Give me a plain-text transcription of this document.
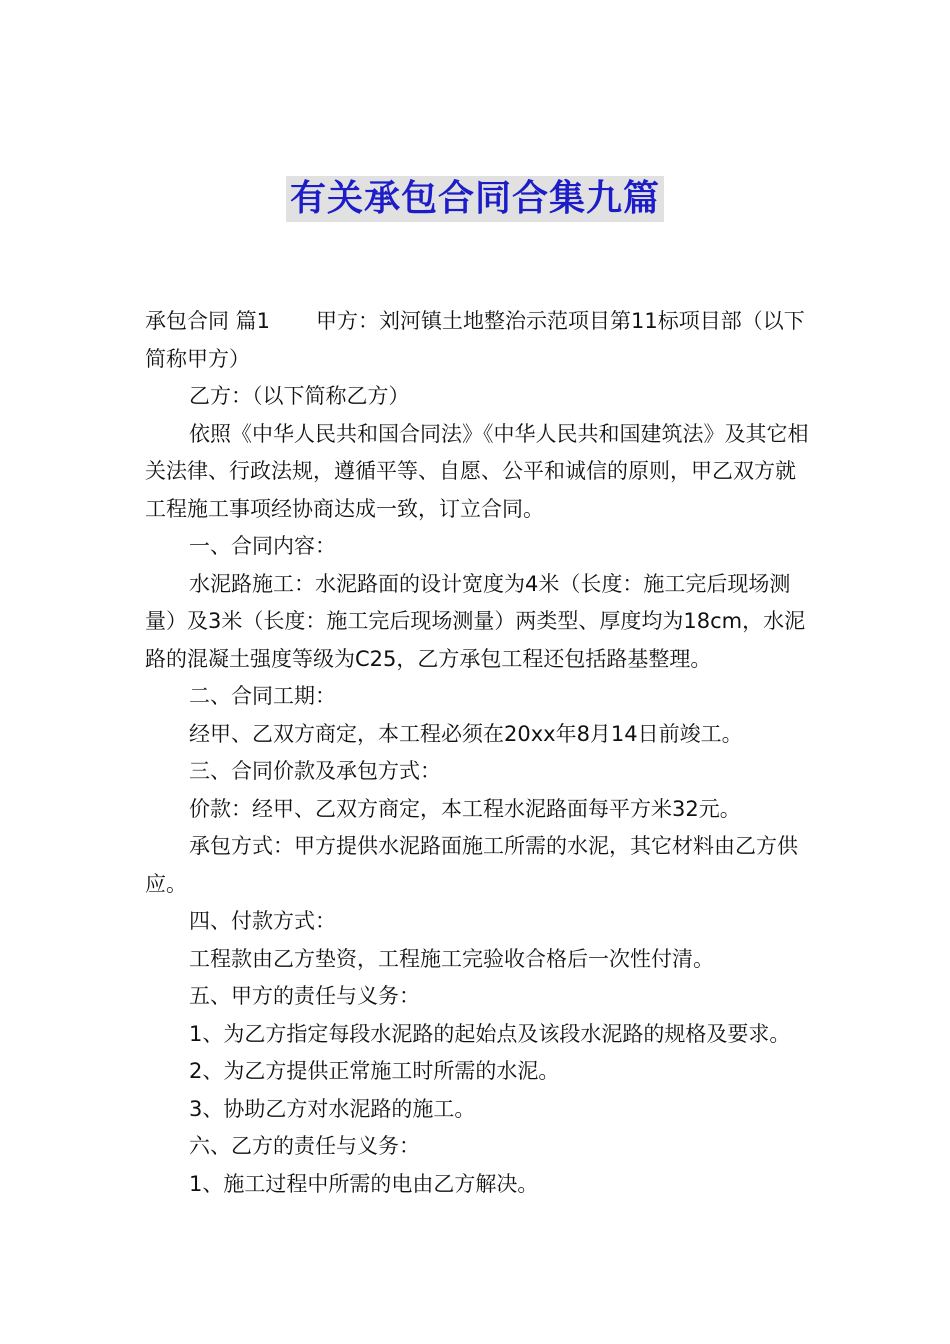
有关承包合同合集九篇

承包合同 篇1 甲方：刘河镇土地整治示范项目第11标项目部（以下简称甲方）

乙方：（以下简称乙方）

依照《中华人民共和国合同法》《中华人民共和国建筑法》及其它相关法律、行政法规，遵循平等、自愿、公平和诚信的原则，甲乙双方就工程施工事项经协商达成一致，订立合同。

一、合同内容：

水泥路施工：水泥路面的设计宽度为4米（长度：施工完后现场测量）及3米（长度：施工完后现场测量）两类型、厚度均为18cm，水泥路的混凝土强度等级为C25，乙方承包工程还包括路基整理。

二、合同工期：

经甲、乙双方商定，本工程必须在20xx年8月14日前竣工。

三、合同价款及承包方式：

价款：经甲、乙双方商定，本工程水泥路面每平方米32元。

承包方式：甲方提供水泥路面施工所需的水泥，其它材料由乙方供应。

四、付款方式：

工程款由乙方垫资，工程施工完验收合格后一次性付清。

五、甲方的责任与义务：

1、为乙方指定每段水泥路的起始点及该段水泥路的规格及要求。

2、为乙方提供正常施工时所需的水泥。

3、协助乙方对水泥路的施工。

六、乙方的责任与义务：

1、施工过程中所需的电由乙方解决。
